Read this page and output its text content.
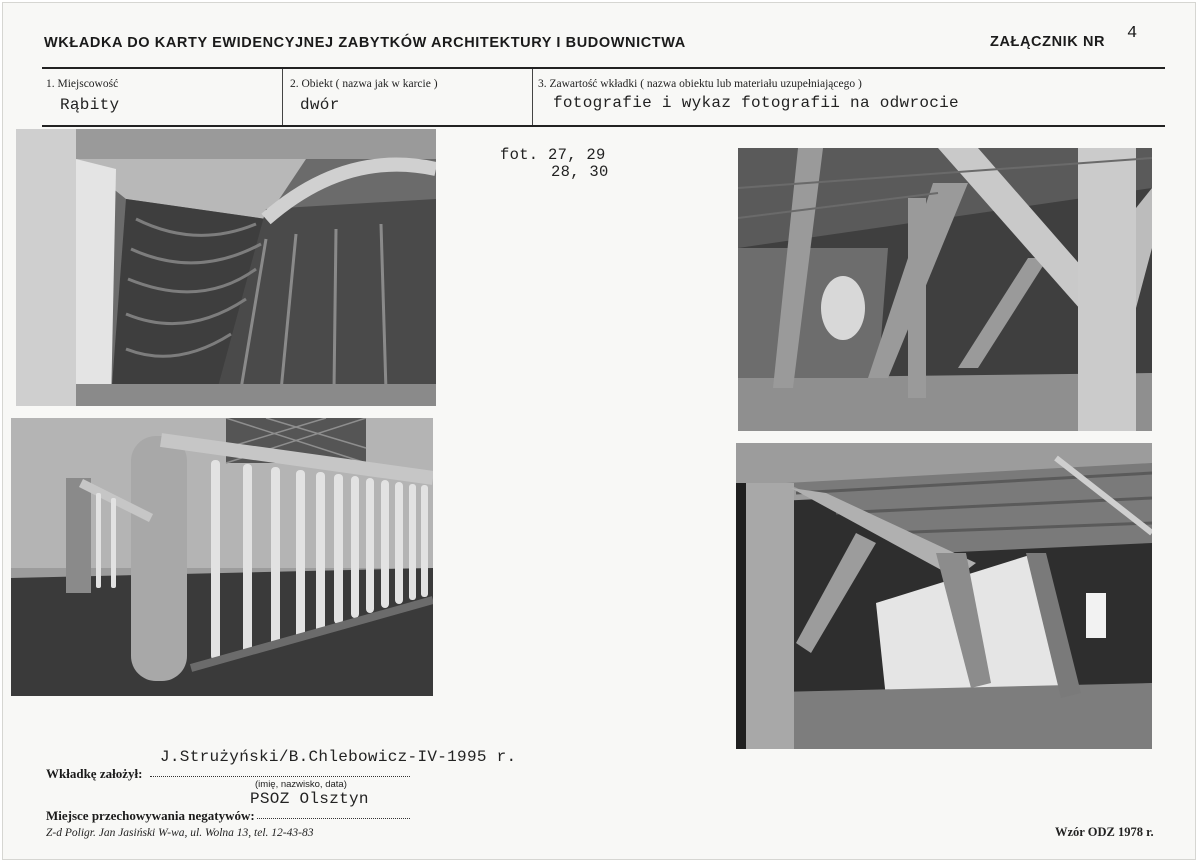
WKŁADKA DO KARTY EWIDENCYJNEJ ZABYTKÓW ARCHITEKTURY I BUDOWNICTWA	ZAŁĄCZNIK NR 4
1. Miejscowość
Rąbity
2. Obiekt ( nazwa jak w karcie )
dwór
3. Zawartość wkładki ( nazwa obiektu lub materiału uzupełniającego )
fotografie i wykaz fotografii na odwrocie
fot. 27, 29
28, 30
J.Strużyński/B.Chlebowicz-IV-1995 r.
Wkładkę założył:
(imię, nazwisko, data)
PSOZ Olsztyn
Miejsce przechowywania negatywów:
Z-d Poligr. Jan Jasiński W-wa, ul. Wolna 13, tel. 12-43-83	Wzór ODZ 1978 r.
